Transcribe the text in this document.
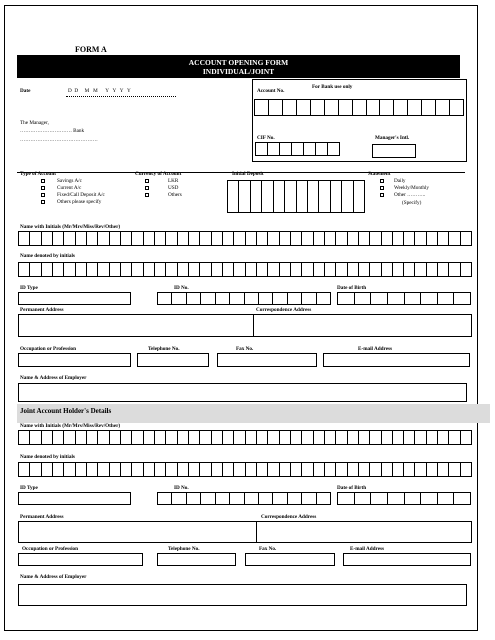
FORM A
ACCOUNT OPENING FORM
INDIVIDUAL/JOINT
Date	D  D     M   M      Y   Y   Y   Y
For Bank use only
Account No.
CIF No.	Manager's Intl.
The Manager,
………………………… Bank
………………………………………
Type of Account
Savings A/c
Current A/c
Fixed/Call Deposit A/c
Others please specify
Currency of Account
LKR
USD
Others
Initial Deposit	Statement
Daily
Weekly/Monthly
Other ………..
(Specify)
Name with Initials (Mr/Mrs/Miss/Rev/Other)
Name denoted by initials
ID Type	ID No.	Date of Birth
Permanent Address	Correspondence Address
Occupation or Profession	Telephone No.	Fax No.	E-mail Address
Name & Address of Employer
Joint Account Holder's Details
Name with Initials (Mr/Mrs/Miss/Rev/Other)
Name denoted by initials
ID Type	ID No.	Date of Birth
Permanent Address	Correspondence Address
Occupation or Profession	Telephone No.	Fax No.	E-mail Address
Name & Address of Employer
